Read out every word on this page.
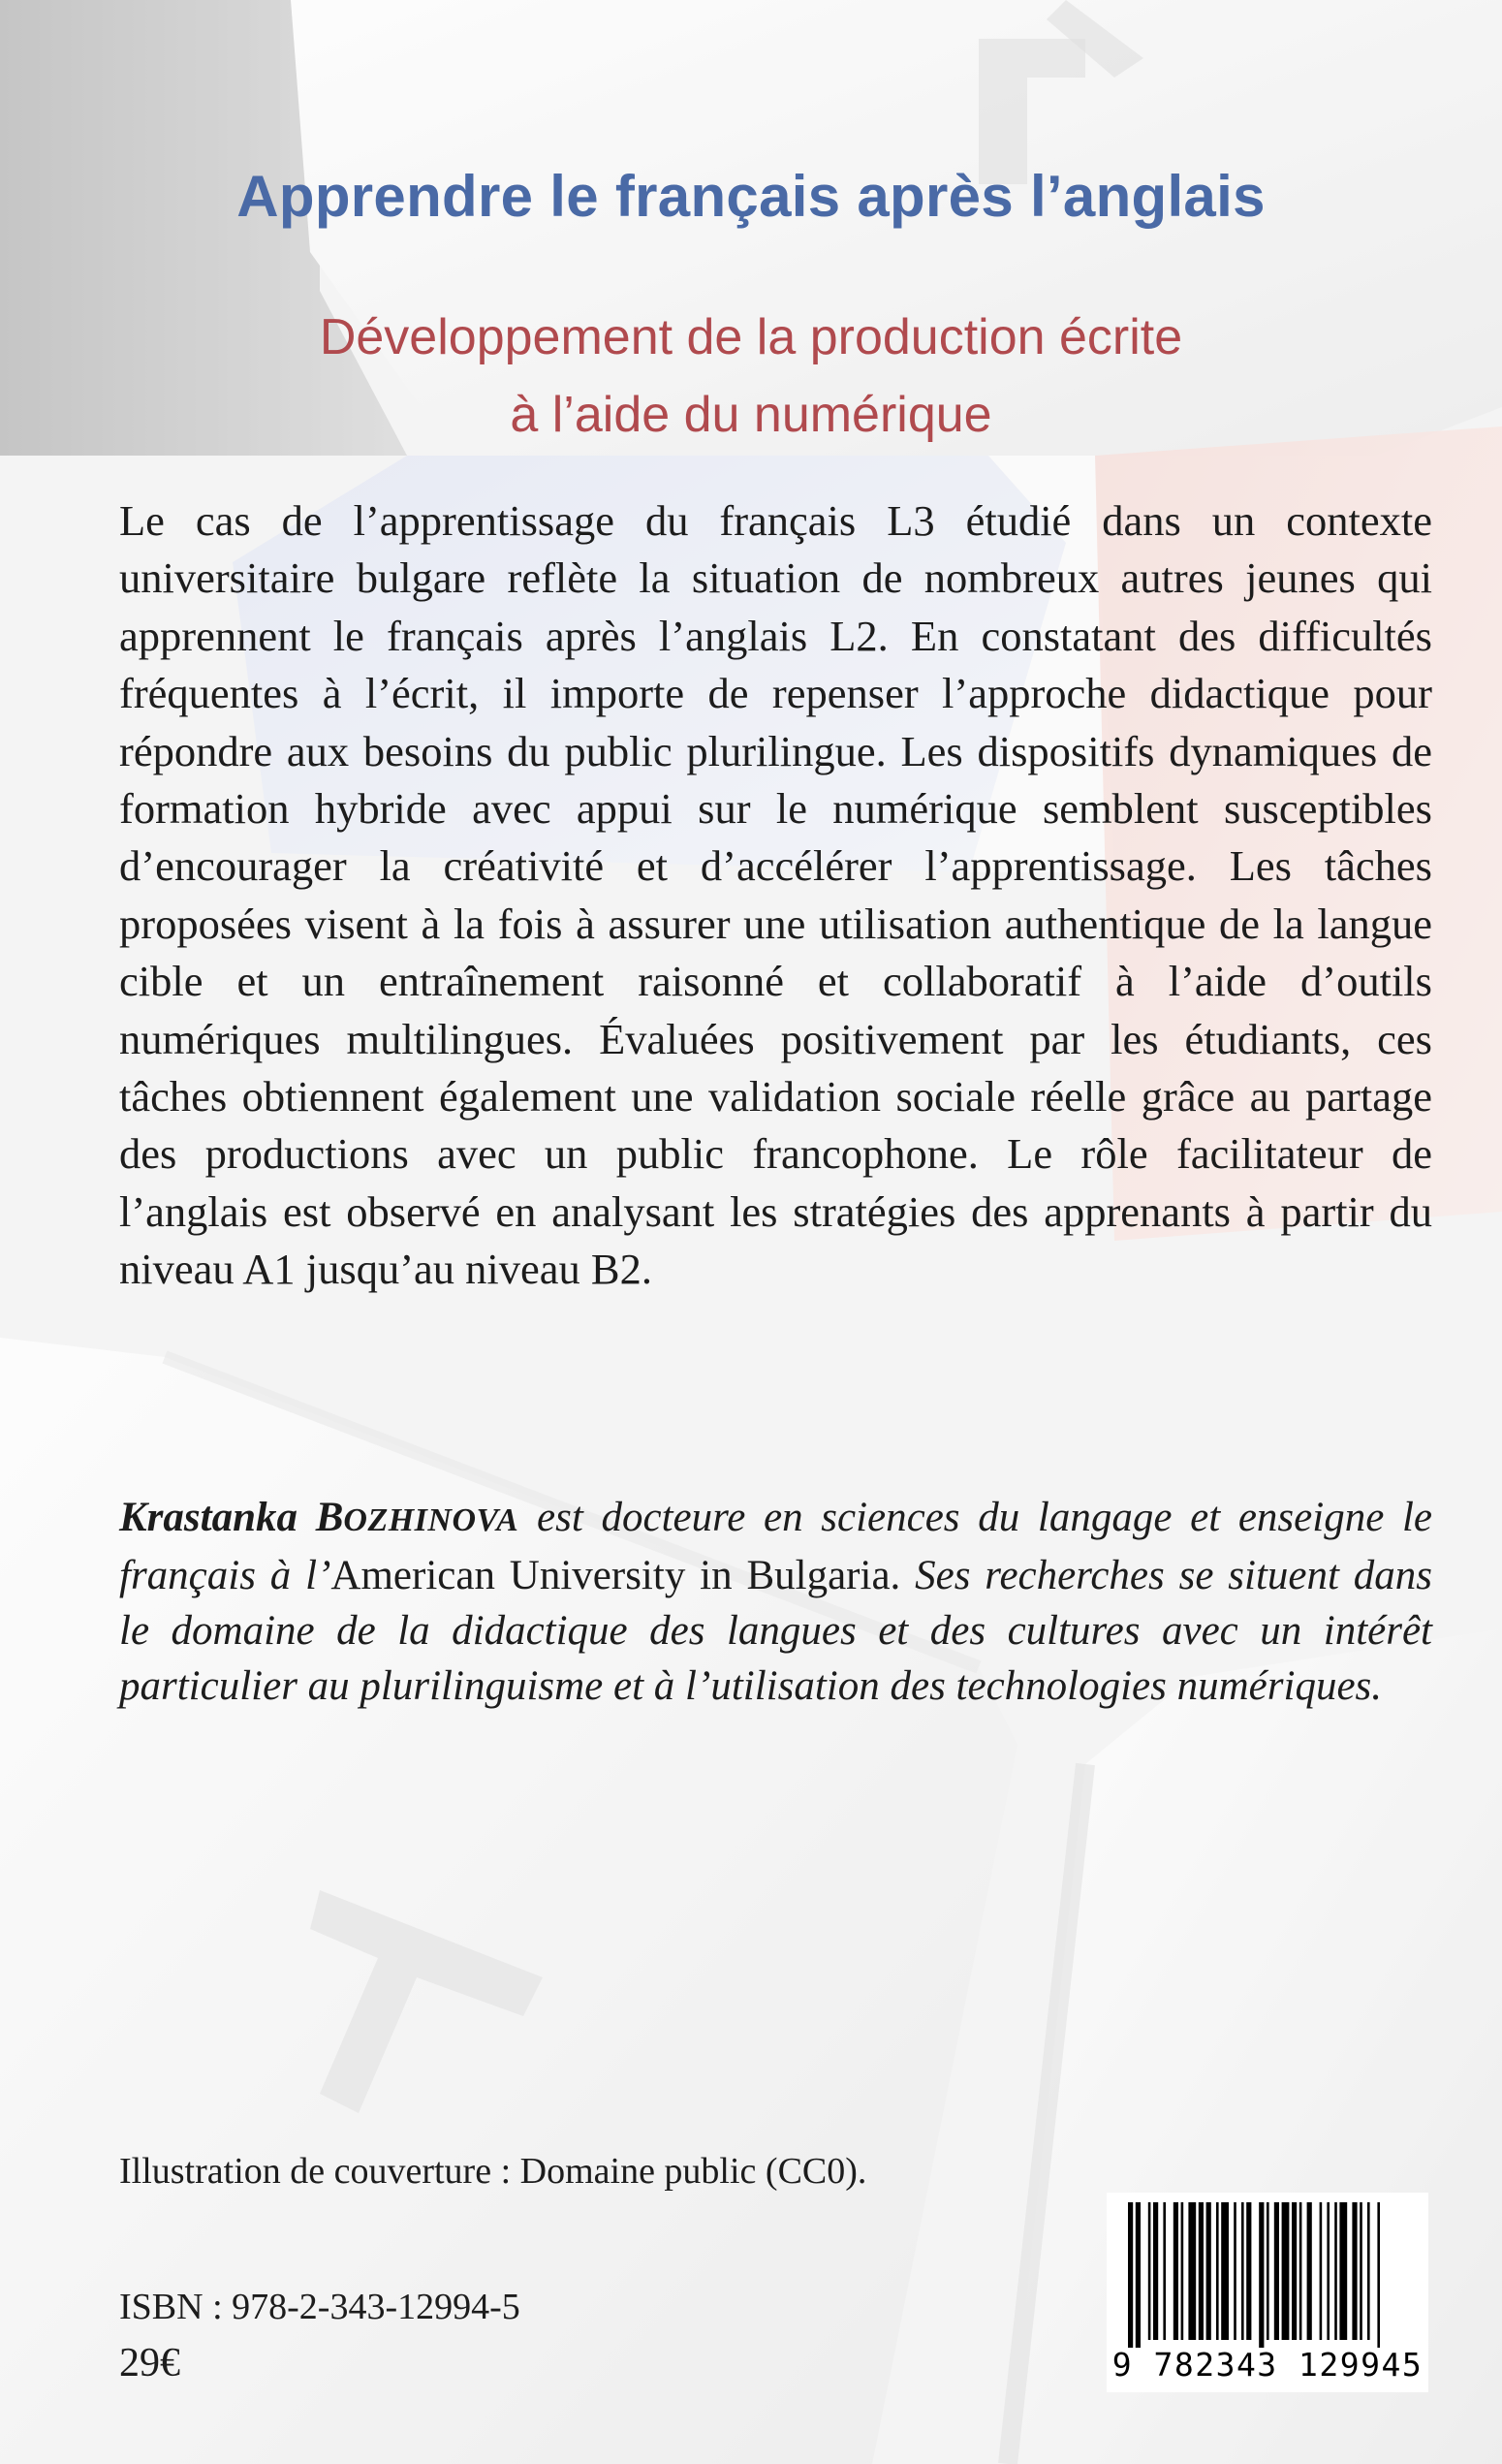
Apprendre le français après l’anglais
Développement de la production écrite
à l’aide du numérique

Le cas de l’apprentissage du français L3 étudié dans un contexte universitaire bulgare reflète la situation de nombreux autres jeunes qui apprennent le français après l’anglais L2. En constatant des difficultés fréquentes à l’écrit, il importe de repenser l’approche didactique pour répondre aux besoins du public plurilingue. Les dispositifs dynamiques de formation hybride avec appui sur le numérique semblent susceptibles d’encourager la créativité et d’accélérer l’apprentissage. Les tâches proposées visent à la fois à assurer une utilisation authentique de la langue cible et un entraînement raisonné et collaboratif à l’aide d’outils numériques multilingues. Évaluées positivement par les étudiants, ces tâches obtiennent également une validation sociale réelle grâce au partage des productions avec un public francophone. Le rôle facilitateur de l’anglais est observé en analysant les stratégies des apprenants à partir du niveau A1 jusqu’au niveau B2.

Krastanka BOZHINOVA est docteure en sciences du langage et enseigne le français à l’American University in Bulgaria. Ses recherches se situent dans le domaine de la didactique des langues et des cultures avec un intérêt particulier au plurilinguisme et à l’utilisation des technologies numériques.

Illustration de couverture : Domaine public (CC0).

ISBN : 978-2-343-12994-5

29€	9 782343 129945
